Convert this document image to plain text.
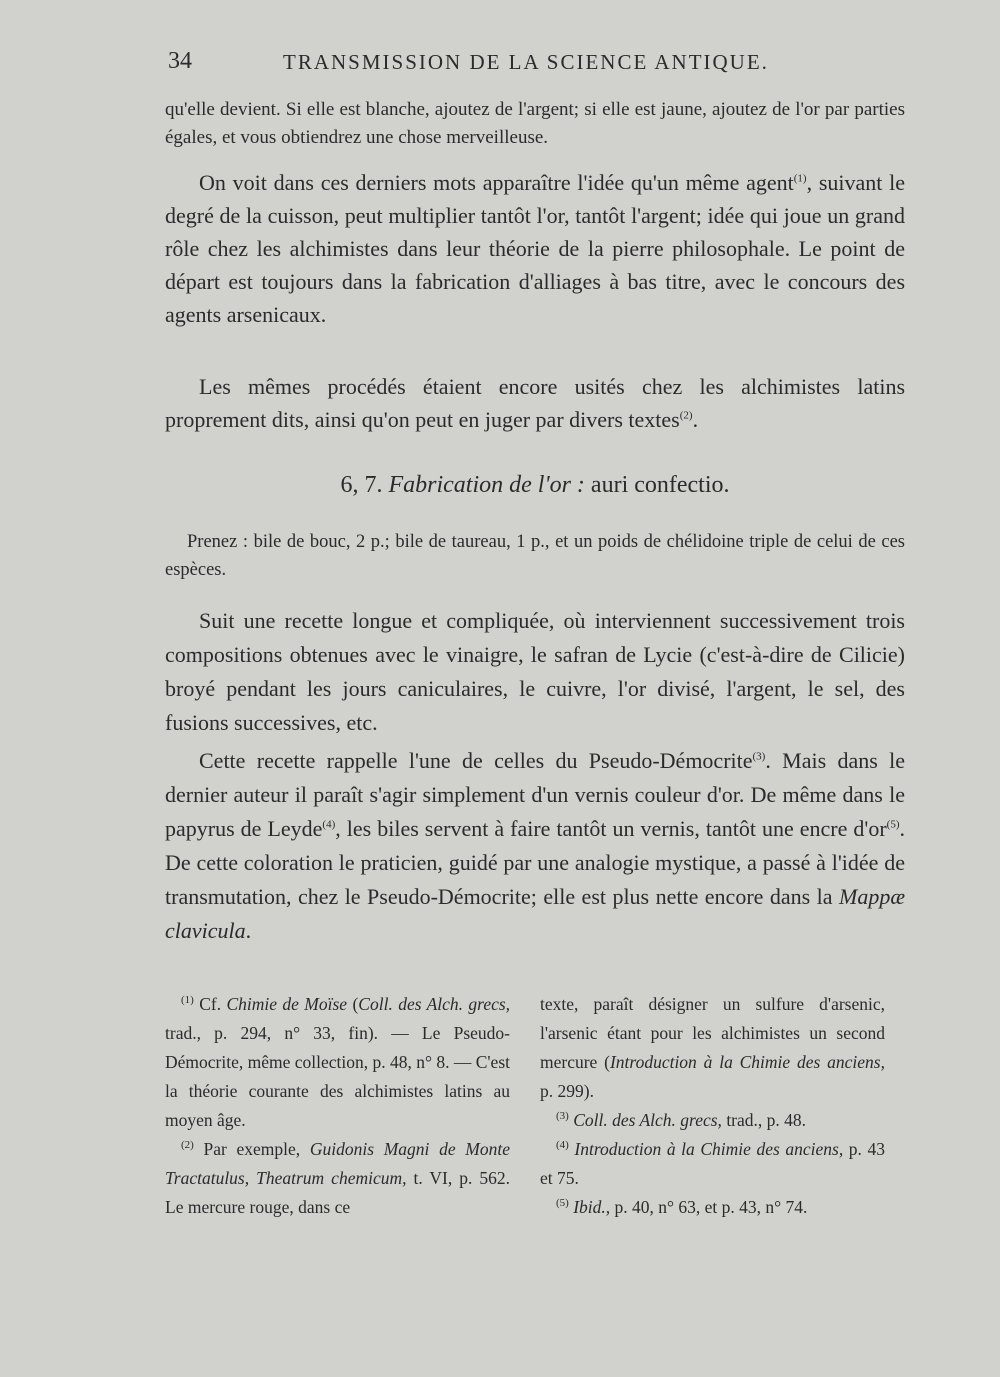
34	TRANSMISSION DE LA SCIENCE ANTIQUE.

qu'elle devient. Si elle est blanche, ajoutez de l'argent; si elle est jaune, ajoutez de l'or par parties égales, et vous obtiendrez une chose merveilleuse.

On voit dans ces derniers mots apparaître l'idée qu'un même agent$^{(1)}$, suivant le degré de la cuisson, peut multiplier tantôt l'or, tantôt l'argent; idée qui joue un grand rôle chez les alchimistes dans leur théorie de la pierre philosophale. Le point de départ est toujours dans la fabrication d'alliages à bas titre, avec le concours des agents arsenicaux.

Les mêmes procédés étaient encore usités chez les alchimistes latins proprement dits, ainsi qu'on peut en juger par divers textes$^{(2)}$.

6, 7. Fabrication de l'or : auri confectio.

Prenez : bile de bouc, 2 p.; bile de taureau, 1 p., et un poids de chélidoine triple de celui de ces espèces.

Suit une recette longue et compliquée, où interviennent successivement trois compositions obtenues avec le vinaigre, le safran de Lycie (c'est-à-dire de Cilicie) broyé pendant les jours caniculaires, le cuivre, l'or divisé, l'argent, le sel, des fusions successives, etc.

Cette recette rappelle l'une de celles du Pseudo-Démocrite$^{(3)}$. Mais dans le dernier auteur il paraît s'agir simplement d'un vernis couleur d'or. De même dans le papyrus de Leyde$^{(4)}$, les biles servent à faire tantôt un vernis, tantôt une encre $d'or^{(5)}$. De cette coloration le praticien, guidé par une analogie mystique, a passé à l'idée de transmutation, chez le Pseudo-Démocrite; elle est plus nette encore dans la Mappæ clavicula.

$^{(1)}$ Cf. Chimie de Moïse (Coll. des Alch. grecs, trad., p. 294, n° 33, fin). — Le Pseudo-Démocrite, même collection, p. 48, n° 8. — C'est la théorie courante des alchimistes latins au moyen âge.

$^{(2)}$ Par exemple, Guidonis Magni de Monte Tractatulus, Theatrum chemicum, t. VI, p. 562. Le mercure rouge, dans ce

texte, paraît désigner un sulfure d'arsenic, l'arsenic étant pour les alchimistes un second mercure (Introduction à la Chimie des anciens, p. 299).

$^{(3)}$ Coll. des Alch. grecs, trad., p. 48.

$^{(4)}$ Introduction à la Chimie des anciens, p. 43 et 75.

$^{(5)}$ Ibid., p. 40, n° 63, et p. 43, n° 74.
